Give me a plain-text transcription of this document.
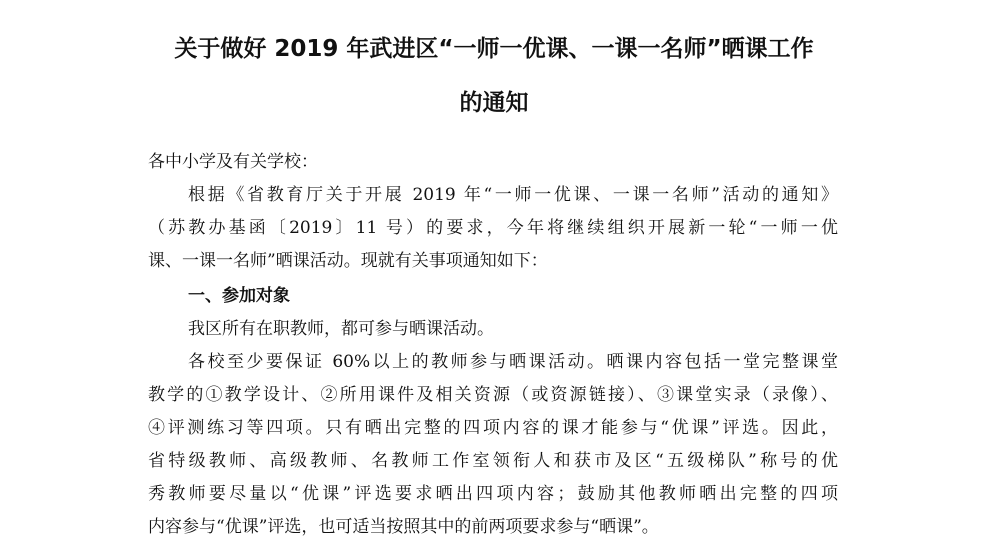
关于做好 2019 年武进区“一师一优课、一课一名师”晒课工作
的通知

各中小学及有关学校：

根据《省教育厅关于开展 2019 年“一师一优课、一课一名师”活动的通知》

（苏教办基函〔2019〕11 号）的要求，今年将继续组织开展新一轮“一师一优

课、一课一名师”晒课活动。现就有关事项通知如下：

一、参加对象

我区所有在职教师，都可参与晒课活动。

各校至少要保证 60%以上的教师参与晒课活动。晒课内容包括一堂完整课堂

教学的①教学设计、②所用课件及相关资源（或资源链接）、③课堂实录（录像）、

④评测练习等四项。只有晒出完整的四项内容的课才能参与“优课”评选。因此，

省特级教师、高级教师、名教师工作室领衔人和获市及区“五级梯队”称号的优

秀教师要尽量以“优课”评选要求晒出四项内容；鼓励其他教师晒出完整的四项

内容参与“优课”评选，也可适当按照其中的前两项要求参与“晒课”。
